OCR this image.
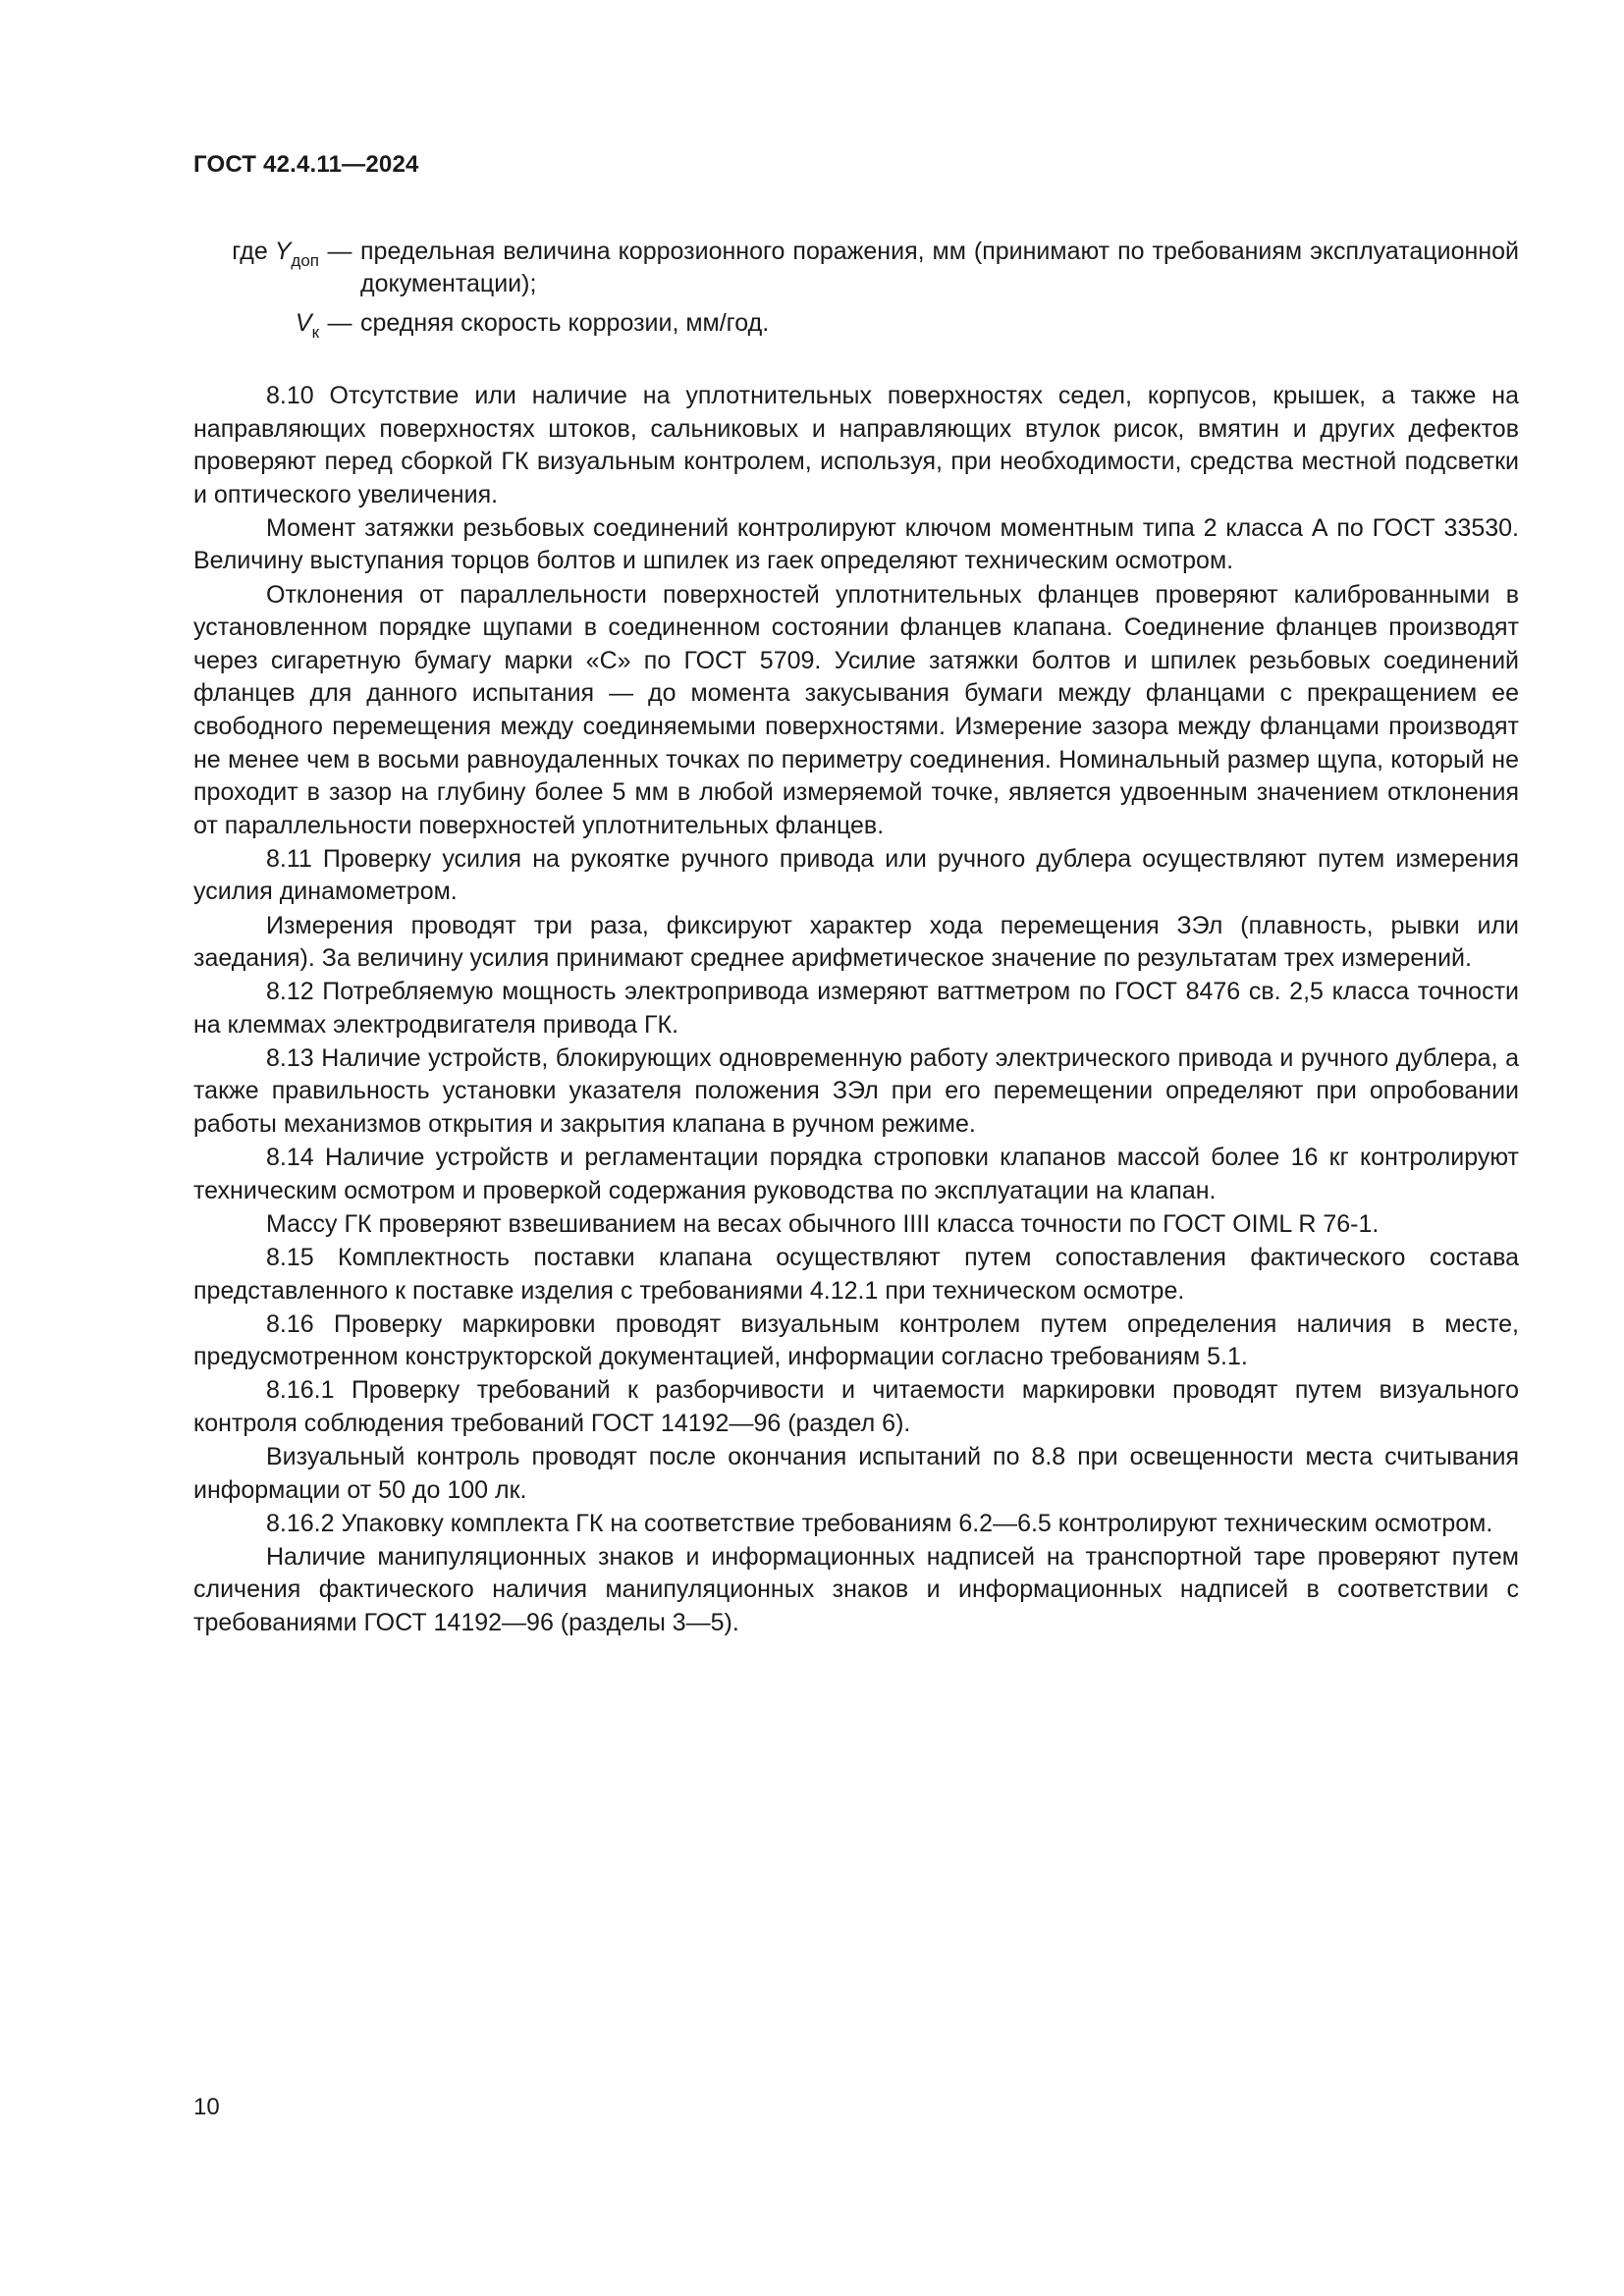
ГОСТ 42.4.11—2024
где $Y_{доп}$ — предельная величина коррозионного поражения, мм (принимают по требованиям эксплуатационной документации);
$V_к$ — средняя скорость коррозии, мм/год.

8.10 Отсутствие или наличие на уплотнительных поверхностях седел, корпусов, крышек, а также на направляющих поверхностях штоков, сальниковых и направляющих втулок рисок, вмятин и других дефектов проверяют перед сборкой ГК визуальным контролем, используя, при необходимости, средства местной подсветки и оптического увеличения.

Момент затяжки резьбовых соединений контролируют ключом моментным типа 2 класса А по ГОСТ 33530. Величину выступания торцов болтов и шпилек из гаек определяют техническим осмотром.

Отклонения от параллельности поверхностей уплотнительных фланцев проверяют калиброванными в установленном порядке щупами в соединенном состоянии фланцев клапана. Соединение фланцев производят через сигаретную бумагу марки «С» по ГОСТ 5709. Усилие затяжки болтов и шпилек резьбовых соединений фланцев для данного испытания — до момента закусывания бумаги между фланцами с прекращением ее свободного перемещения между соединяемыми поверхностями. Измерение зазора между фланцами производят не менее чем в восьми равноудаленных точках по периметру соединения. Номинальный размер щупа, который не проходит в зазор на глубину более 5 мм в любой измеряемой точке, является удвоенным значением отклонения от параллельности поверхностей уплотнительных фланцев.

8.11 Проверку усилия на рукоятке ручного привода или ручного дублера осуществляют путем измерения усилия динамометром.

Измерения проводят три раза, фиксируют характер хода перемещения ЗЭл (плавность, рывки или заедания). За величину усилия принимают среднее арифметическое значение по результатам трех измерений.

8.12 Потребляемую мощность электропривода измеряют ваттметром по ГОСТ 8476 св. 2,5 класса точности на клеммах электродвигателя привода ГК.

8.13 Наличие устройств, блокирующих одновременную работу электрического привода и ручного дублера, а также правильность установки указателя положения ЗЭл при его перемещении определяют при опробовании работы механизмов открытия и закрытия клапана в ручном режиме.

8.14 Наличие устройств и регламентации порядка строповки клапанов массой более 16 кг контролируют техническим осмотром и проверкой содержания руководства по эксплуатации на клапан.

Массу ГК проверяют взвешиванием на весах обычного IIII класса точности по ГОСТ OIML R 76-1.

8.15 Комплектность поставки клапана осуществляют путем сопоставления фактического состава представленного к поставке изделия с требованиями 4.12.1 при техническом осмотре.

8.16 Проверку маркировки проводят визуальным контролем путем определения наличия в месте, предусмотренном конструкторской документацией, информации согласно требованиям 5.1.

8.16.1 Проверку требований к разборчивости и читаемости маркировки проводят путем визуального контроля соблюдения требований ГОСТ 14192—96 (раздел 6).

Визуальный контроль проводят после окончания испытаний по 8.8 при освещенности места считывания информации от 50 до 100 лк.

8.16.2 Упаковку комплекта ГК на соответствие требованиям 6.2—6.5 контролируют техническим осмотром.

Наличие манипуляционных знаков и информационных надписей на транспортной таре проверяют путем сличения фактического наличия манипуляционных знаков и информационных надписей в соответствии с требованиями ГОСТ 14192—96 (разделы 3—5).

10
